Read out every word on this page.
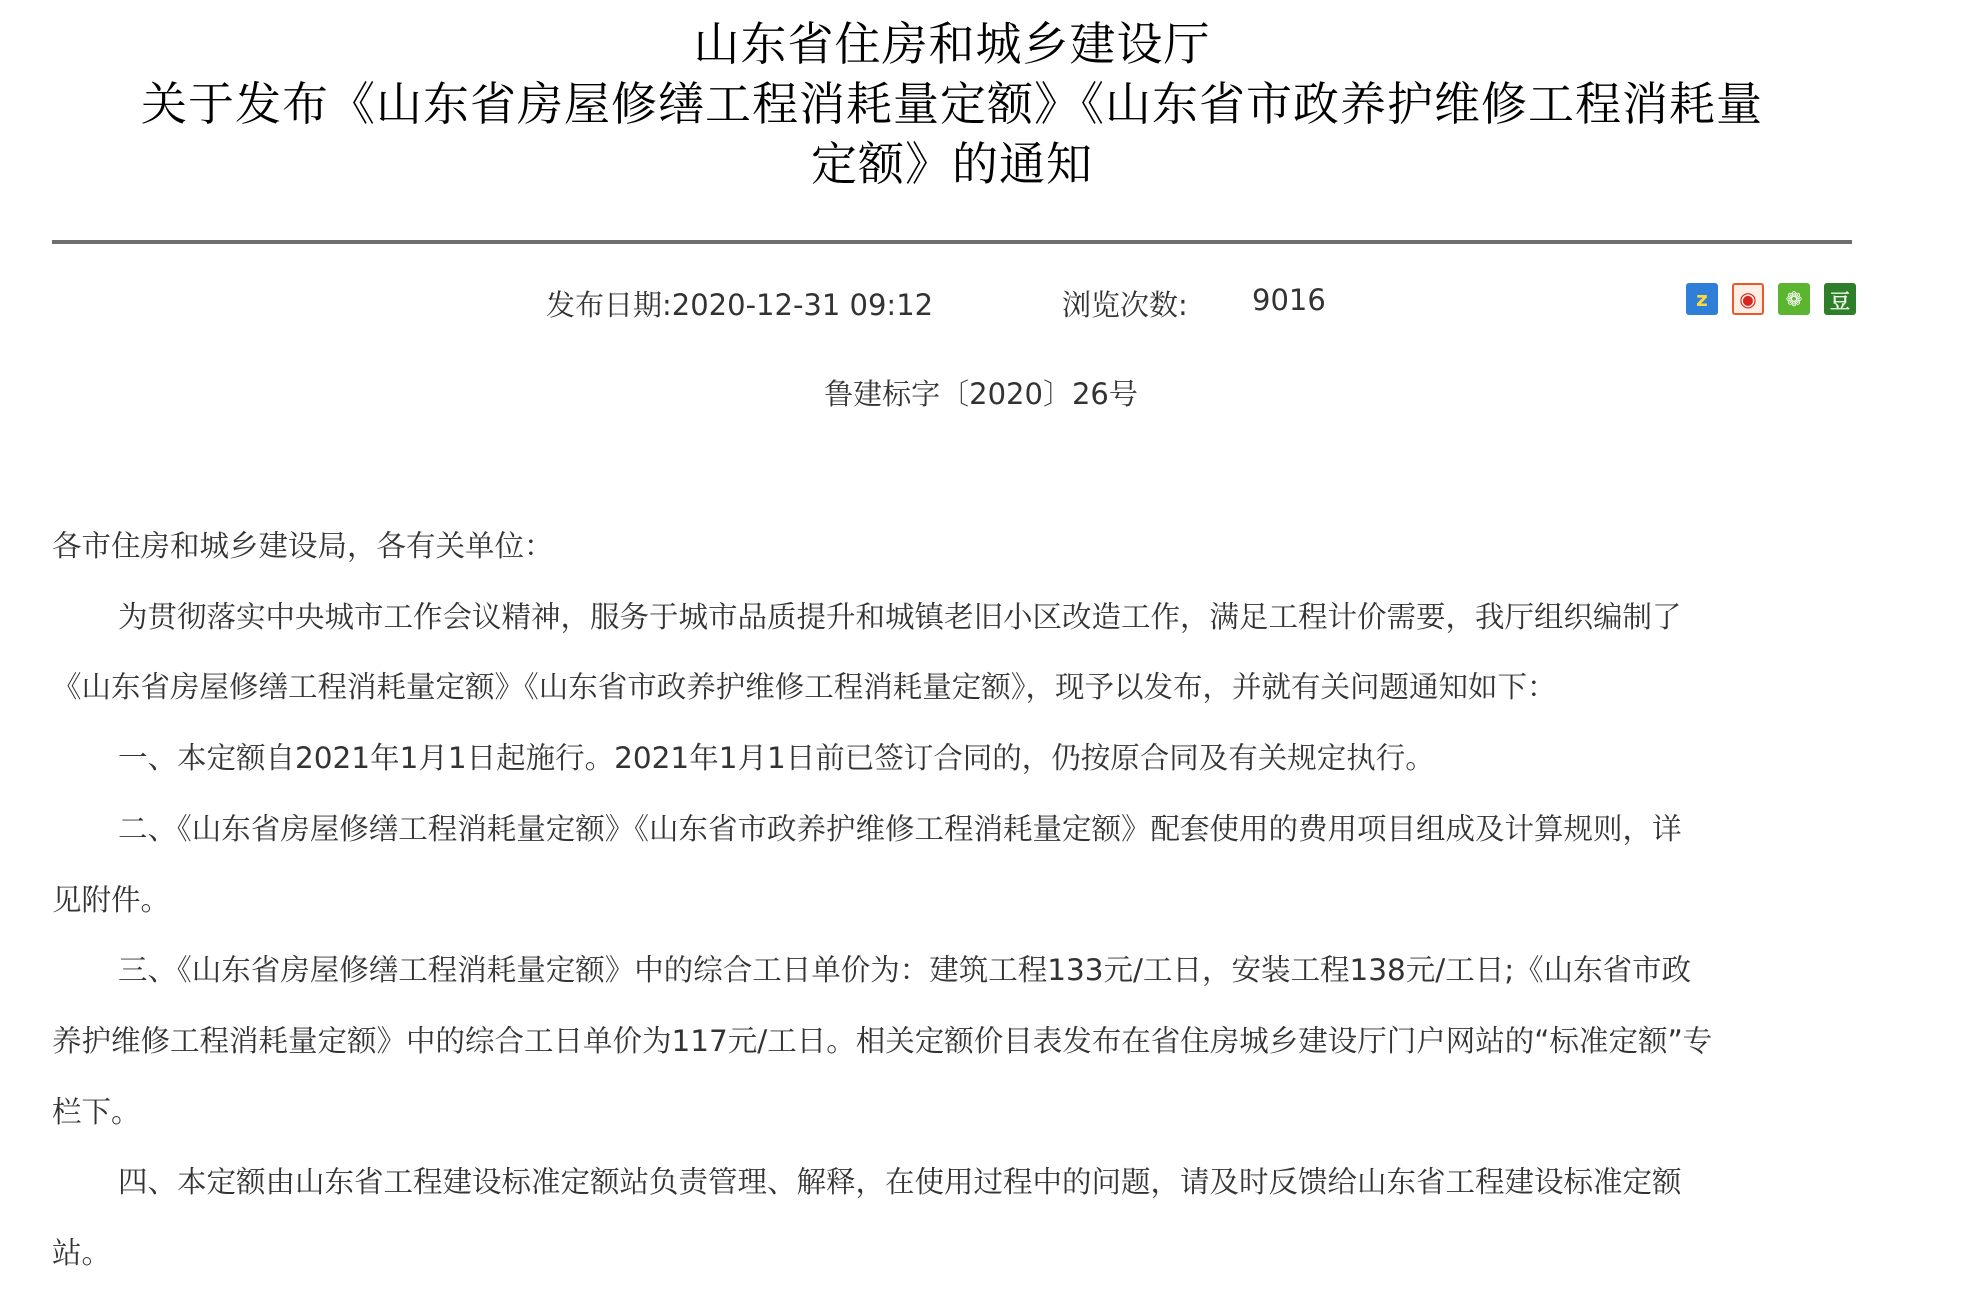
山东省住房和城乡建设厅
关于发布《山东省房屋修缮工程消耗量定额》《山东省市政养护维修工程消耗量
定额》的通知
发布日期:2020-12-31 09:12	浏览次数: 9016	z	◉	❁	豆
鲁建标字〔2020〕26号

各市住房和城乡建设局，各有关单位：

为贯彻落实中央城市工作会议精神，服务于城市品质提升和城镇老旧小区改造工作，满足工程计价需要，我厅组织编制了

《山东省房屋修缮工程消耗量定额》《山东省市政养护维修工程消耗量定额》，现予以发布，并就有关问题通知如下：

一、本定额自2021年1月1日起施行。2021年1月1日前已签订合同的，仍按原合同及有关规定执行。

二、《山东省房屋修缮工程消耗量定额》《山东省市政养护维修工程消耗量定额》配套使用的费用项目组成及计算规则，详

见附件。

三、《山东省房屋修缮工程消耗量定额》中的综合工日单价为：建筑工程133元/工日，安装工程138元/工日;《山东省市政

养护维修工程消耗量定额》中的综合工日单价为117元/工日。相关定额价目表发布在省住房城乡建设厅门户网站的“标准定额”专

栏下。

四、本定额由山东省工程建设标准定额站负责管理、解释，在使用过程中的问题，请及时反馈给山东省工程建设标准定额

站。
